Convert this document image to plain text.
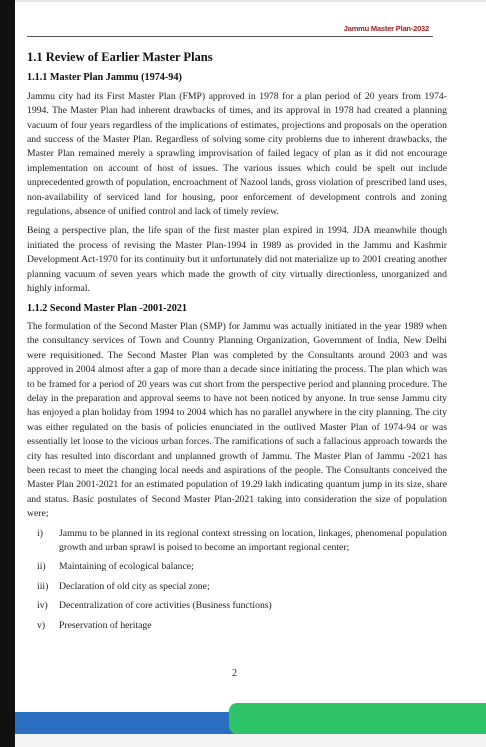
Jammu Master Plan-2032
1.1 Review of Earlier Master Plans
1.1.1 Master Plan Jammu (1974-94)

Jammu city had its First Master Plan (FMP) approved in 1978 for a plan period of 20 years from 1974-1994. The Master Plan had inherent drawbacks of times, and its approval in 1978 had created a planning vacuum of four years regardless of the implications of estimates, projections and proposals on the operation and success of the Master Plan. Regardless of solving some city problems due to inherent drawbacks, the Master Plan remained merely a sprawling improvisation of failed legacy of plan as it did not encourage implementation on account of host of issues. The various issues which could be spelt out include unprecedented growth of population, encroachment of Nazool lands, gross violation of prescribed land uses, non-availability of serviced land for housing, poor enforcement of development controls and zoning regulations, absence of unified control and lack of timely review.

Being a perspective plan, the life span of the first master plan expired in 1994. JDA meanwhile though initiated the process of revising the Master Plan-1994 in 1989 as provided in the Jammu and Kashmir Development Act-1970 for its continuity but it unfortunately did not materialize up to 2001 creating another planning vacuum of seven years which made the growth of city virtually directionless, unorganized and highly informal.

1.1.2 Second Master Plan -2001-2021

The formulation of the Second Master Plan (SMP) for Jammu was actually initiated in the year 1989 when the consultancy services of Town and Country Planning Organization, Government of India, New Delhi were requisitioned. The Second Master Plan was completed by the Consultants around 2003 and was approved in 2004 almost after a gap of more than a decade since initiating the process. The plan which was to be framed for a period of 20 years was cut short from the perspective period and planning procedure. The delay in the preparation and approval seems to have not been noticed by anyone. In true sense Jammu city has enjoyed a plan holiday from 1994 to 2004 which has no parallel anywhere in the city planning. The city was either regulated on the basis of policies enunciated in the outlived Master Plan of 1974-94 or was essentially let loose to the vicious urban forces. The ramifications of such a fallacious approach towards the city has resulted into discordant and unplanned growth of Jammu. The Master Plan of Jammu -2021 has been recast to meet the changing local needs and aspirations of the people. The Consultants conceived the Master Plan 2001-2021 for an estimated population of 19.29 lakh indicating quantum jump in its size, share and status. Basic postulates of Second Master Plan-2021 taking into consideration the size of population were;

i)	Jammu to be planned in its regional context stressing on location, linkages, phenomenal population growth and urban sprawl is poised to become an important regional center;
ii)	Maintaining of ecological balance;
iii)	Declaration of old city as special zone;
iv)	Decentralization of core activities (Business functions)
v)	Preservation of heritage
2
